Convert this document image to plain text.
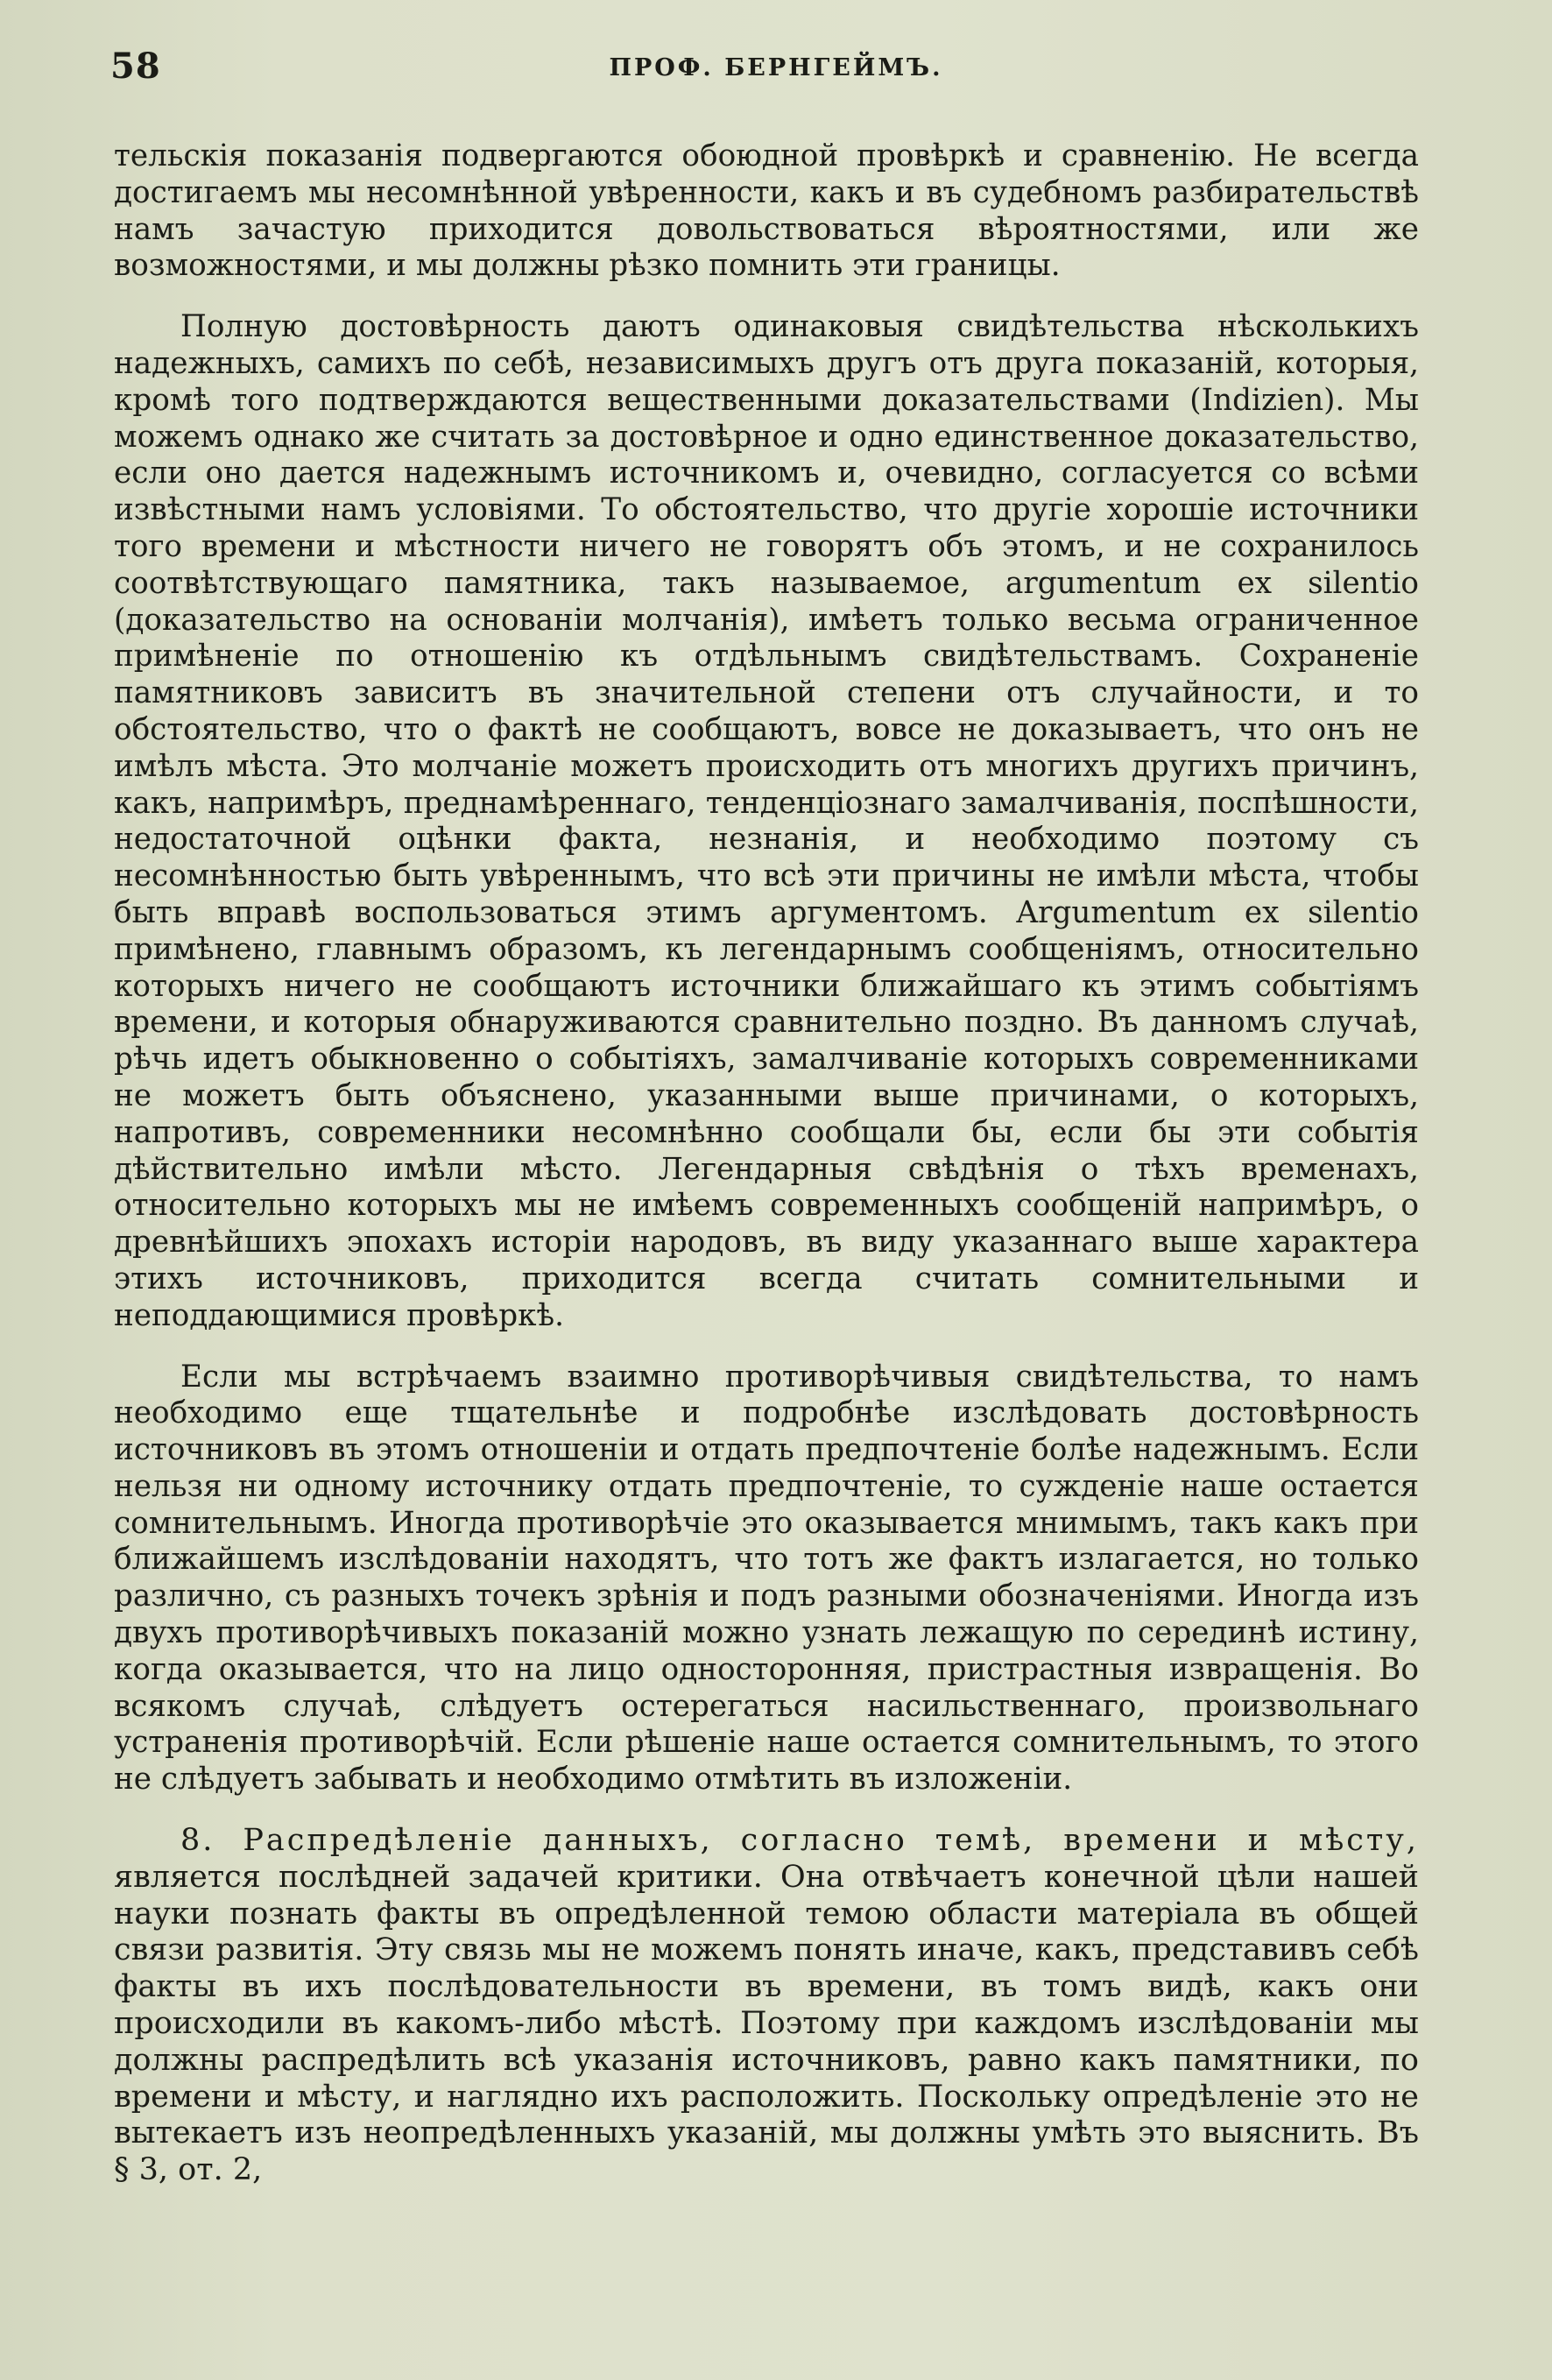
58	ПРОФ. БЕРНГЕЙМЪ.

тельскія показанія подвергаются обоюдной провѣркѣ и сравненію. Не всегда достигаемъ мы несомнѣнной увѣренности, какъ и въ судебномъ разбирательствѣ намъ зачастую приходится довольствоваться вѣроятностями, или же возможностями, и мы должны рѣзко помнить эти границы.

Полную достовѣрность даютъ одинаковыя свидѣтельства нѣсколькихъ надежныхъ, самихъ по себѣ, независимыхъ другъ отъ друга показаній, которыя, кромѣ того подтверждаются вещественными доказательствами (Indizien). Мы можемъ однако же считать за достовѣрное и одно единственное доказательство, если оно дается надежнымъ источникомъ и, очевидно, согласуется со всѣми извѣстными намъ условіями. То обстоятельство, что другіе хорошіе источники того времени и мѣстности ничего не говорятъ объ этомъ, и не сохранилось соотвѣтствующаго памятника, такъ называемое, argumentum ex silentio (доказательство на основаніи молчанія), имѣетъ только весьма ограниченное примѣненіе по отношенію къ отдѣльнымъ свидѣтельствамъ. Сохраненіе памятниковъ зависитъ въ значительной степени отъ случайности, и то обстоятельство, что о фактѣ не сообщаютъ, вовсе не доказываетъ, что онъ не имѣлъ мѣста. Это молчаніе можетъ происходить отъ многихъ другихъ причинъ, какъ, напримѣръ, преднамѣреннаго, тенденціознаго замалчиванія, поспѣшности, недостаточной оцѣнки факта, незнанія, и необходимо поэтому съ несомнѣнностью быть увѣреннымъ, что всѣ эти причины не имѣли мѣста, чтобы быть вправѣ воспользоваться этимъ аргументомъ. Argumentum ex silentio примѣнено, главнымъ образомъ, къ легендарнымъ сообщеніямъ, относительно которыхъ ничего не сообщаютъ источники ближайшаго къ этимъ событіямъ времени, и которыя обнаруживаются сравнительно поздно. Въ данномъ случаѣ, рѣчь идетъ обыкновенно о событіяхъ, замалчиваніе которыхъ современниками не можетъ быть объяснено, указанными выше причинами, о которыхъ, напротивъ, современники несомнѣнно сообщали бы, если бы эти событія дѣйствительно имѣли мѣсто. Легендарныя свѣдѣнія о тѣхъ временахъ, относительно которыхъ мы не имѣемъ современныхъ сообщеній напримѣръ, о древнѣйшихъ эпохахъ исторіи народовъ, въ виду указаннаго выше характера этихъ источниковъ, приходится всегда считать сомнительными и неподдающимися провѣркѣ.

Если мы встрѣчаемъ взаимно противорѣчивыя свидѣтельства, то намъ необходимо еще тщательнѣе и подробнѣе изслѣдовать достовѣрность источниковъ въ этомъ отношеніи и отдать предпочтеніе болѣе надежнымъ. Если нельзя ни одному источнику отдать предпочтеніе, то сужденіе наше остается сомнительнымъ. Иногда противорѣчіе это оказывается мнимымъ, такъ какъ при ближайшемъ изслѣдованіи находятъ, что тотъ же фактъ излагается, но только различно, съ разныхъ точекъ зрѣнія и подъ разными обозначеніями. Иногда изъ двухъ противорѣчивыхъ показаній можно узнать лежащую по серединѣ истину, когда оказывается, что на лицо односторонняя, пристрастныя извращенія. Во всякомъ случаѣ, слѣдуетъ остерегаться насильственнаго, произвольнаго устраненія противорѣчій. Если рѣшеніе наше остается сомнительнымъ, то этого не слѣдуетъ забывать и необходимо отмѣтить въ изложеніи.

8. Распредѣленіе данныхъ, согласно темѣ, времени и мѣсту, является послѣдней задачей критики. Она отвѣчаетъ конечной цѣли нашей науки познать факты въ опредѣленной темою области матеріала въ общей связи развитія. Эту связь мы не можемъ понять иначе, какъ, представивъ себѣ факты въ ихъ послѣдовательности въ времени, въ томъ видѣ, какъ они происходили въ какомъ-либо мѣстѣ. Поэтому при каждомъ изслѣдованіи мы должны распредѣлить всѣ указанія источниковъ, равно какъ памятники, по времени и мѣсту, и наглядно ихъ расположить. Поскольку опредѣленіе это не вытекаетъ изъ неопредѣленныхъ указаній, мы должны умѣть это выяснить. Въ § 3, от. 2,
